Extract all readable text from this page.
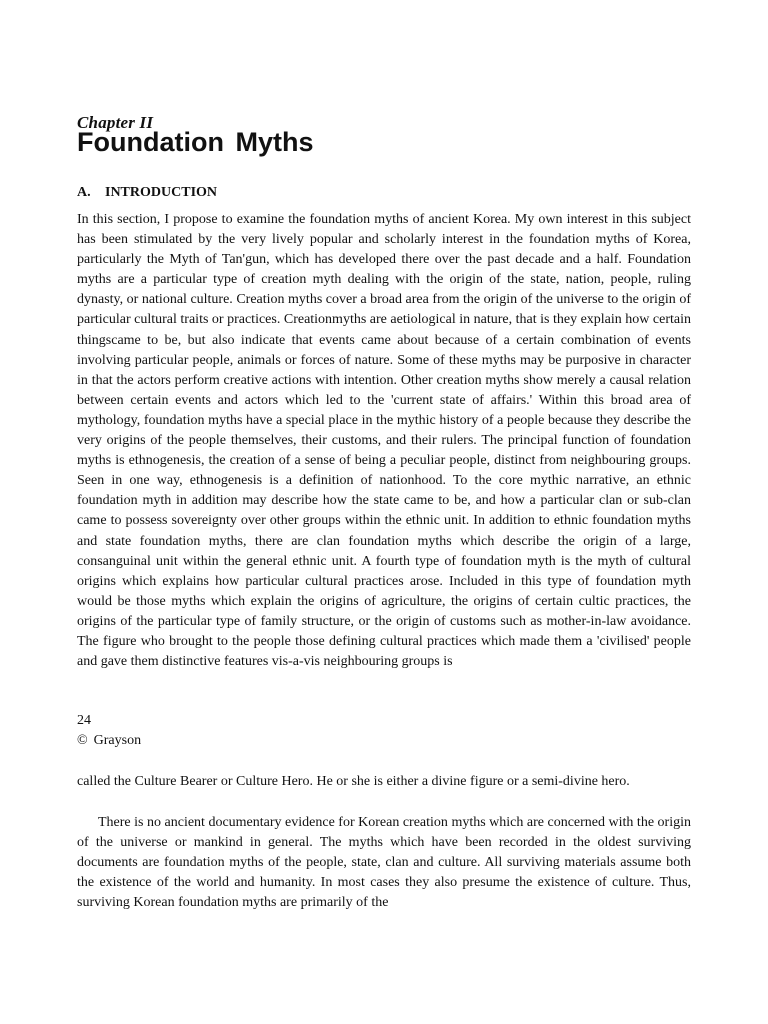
Chapter II
Foundation Myths
A. INTRODUCTION

In this section, I propose to examine the foundation myths of ancient Korea. My own interest in this subject has been stimulated by the very lively popular and scholarly interest in the foundation myths of Korea, particularly the Myth of Tan'gun, which has developed there over the past decade and a half. Foundation myths are a particular type of creation myth dealing with the origin of the state, nation, people, ruling dynasty, or national culture. Creation myths cover a broad area from the origin of the universe to the origin of particular cultural traits or practices. Creationmyths are aetiological in nature, that is they explain how certain thingscame to be, but also indicate that events came about because of a certain combination of events involving particular people, animals or forces of nature. Some of these myths may be purposive in character in that the actors perform creative actions with intention. Other creation myths show merely a causal relation between certain events and actors which led to the 'current state of affairs.' Within this broad area of mythology, foundation myths have a special place in the mythic history of a people because they describe the very origins of the people themselves, their customs, and their rulers. The principal function of foundation myths is ethnogenesis, the creation of a sense of being a peculiar people, distinct from neighbouring groups. Seen in one way, ethnogenesis is a definition of nationhood. To the core mythic narrative, an ethnic foundation myth in addition may describe how the state came to be, and how a particular clan or sub-clan came to possess sovereignty over other groups within the ethnic unit. In addition to ethnic foundation myths and state foundation myths, there are clan foundation myths which describe the origin of a large, consanguinal unit within the general ethnic unit. A fourth type of foundation myth is the myth of cultural origins which explains how particular cultural practices arose. Included in this type of foundation myth would be those myths which explain the origins of agriculture, the origins of certain cultic practices, the origins of the particular type of family structure, or the origin of customs such as mother-in-law avoidance. The figure who brought to the people those defining cultural practices which made them a 'civilised' people and gave them distinctive features vis-a-vis neighbouring groups is

24
© Grayson

called the Culture Bearer or Culture Hero. He or she is either a divine figure or a semi-divine hero.

There is no ancient documentary evidence for Korean creation myths which are concerned with the origin of the universe or mankind in general. The myths which have been recorded in the oldest surviving documents are foundation myths of the people, state, clan and culture. All surviving materials assume both the existence of the world and humanity. In most cases they also presume the existence of culture. Thus, surviving Korean foundation myths are primarily of the
